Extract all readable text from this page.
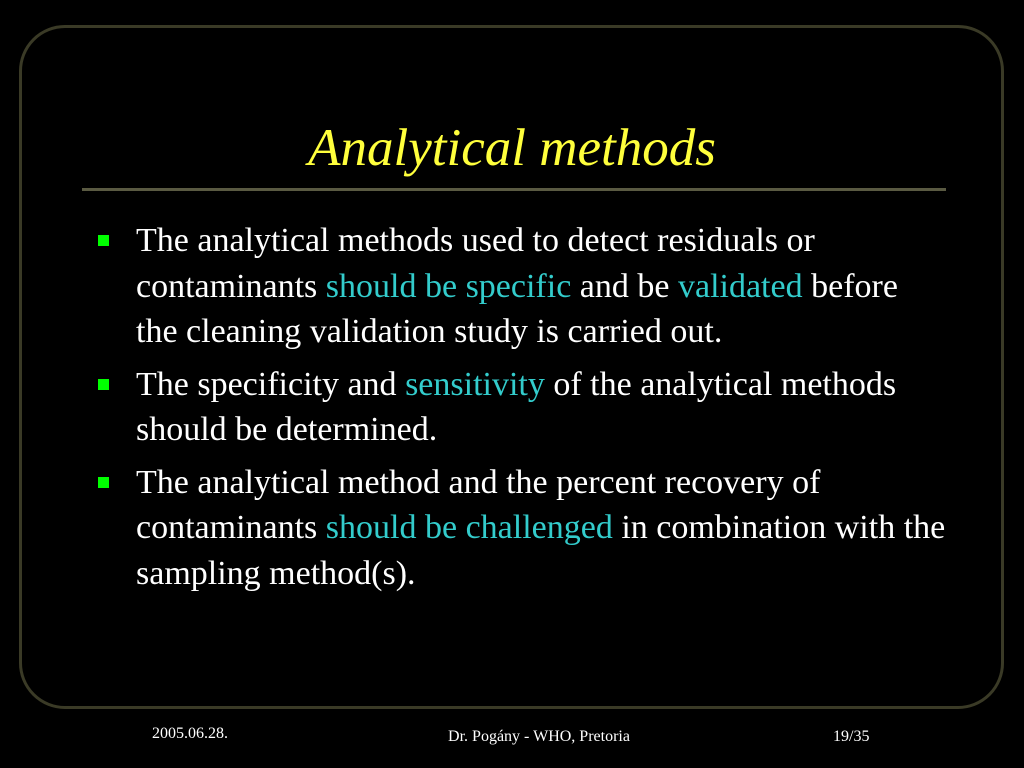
Analytical methods
The analytical methods used to detect residuals or contaminants should be specific and be validated before the cleaning validation study is carried out.
The specificity and sensitivity of the analytical methods should be determined.
The analytical method and the percent recovery of contaminants should be challenged in combination with the sampling method(s).

2005.06.28.	Dr. Pogány - WHO, Pretoria	19/35
